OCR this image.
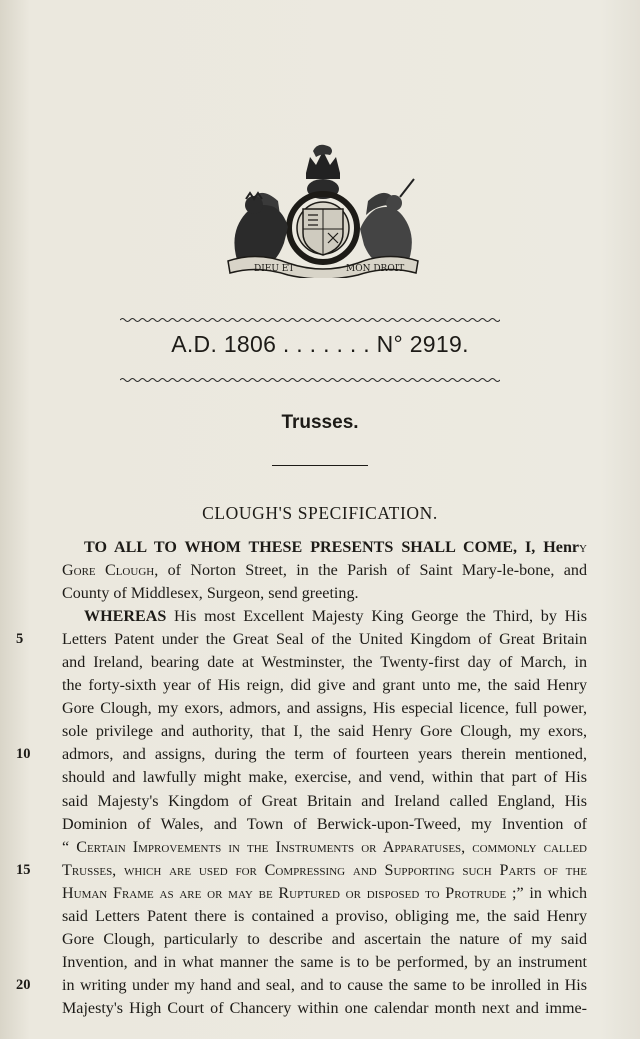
DIEU ET	MON DROIT
A.D. 1806 . . . . . . . N° 2919.
Trusses.
CLOUGH'S SPECIFICATION.
TO ALL TO WHOM THESE PRESENTS SHALL COME, I, Henry
Gore Clough, of Norton Street, in the Parish of Saint Mary-le-bone, and
County of Middlesex, Surgeon, send greeting.
WHEREAS His most Excellent Majesty King George the Third, by His
5	Letters Patent under the Great Seal of the United Kingdom of Great Britain
and Ireland, bearing date at Westminster, the Twenty-first day of March, in
the forty-sixth year of His reign, did give and grant unto me, the said Henry
Gore Clough, my exors, admors, and assigns, His especial licence, full power,
sole privilege and authority, that I, the said Henry Gore Clough, my exors,
10	admors, and assigns, during the term of fourteen years therein mentioned,
should and lawfully might make, exercise, and vend, within that part of His
said Majesty's Kingdom of Great Britain and Ireland called England, His
Dominion of Wales, and Town of Berwick-upon-Tweed, my Invention of
“ Certain Improvements in the Instruments or Apparatuses, commonly called
15	Trusses, which are used for Compressing and Supporting such Parts of the
Human Frame as are or may be Ruptured or disposed to Protrude ;” in which
said Letters Patent there is contained a proviso, obliging me, the said Henry
Gore Clough, particularly to describe and ascertain the nature of my said
Invention, and in what manner the same is to be performed, by an instrument
20	in writing under my hand and seal, and to cause the same to be inrolled in His
Majesty's High Court of Chancery within one calendar month next and imme-
